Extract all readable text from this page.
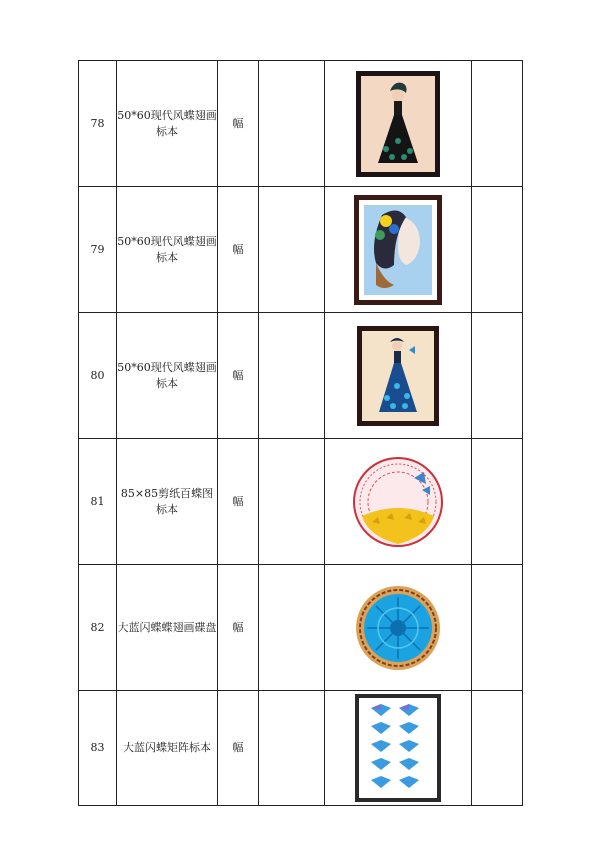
78	50*60现代风蝶翅画标本	幅		

79	50*60现代风蝶翅画标本	幅		

80	50*60现代风蝶翅画标本	幅		

81	85×85剪纸百蝶图标本	幅		

82	大蓝闪蝶蝶翅画碟盘	幅		

83	大蓝闪蝶矩阵标本	幅		
